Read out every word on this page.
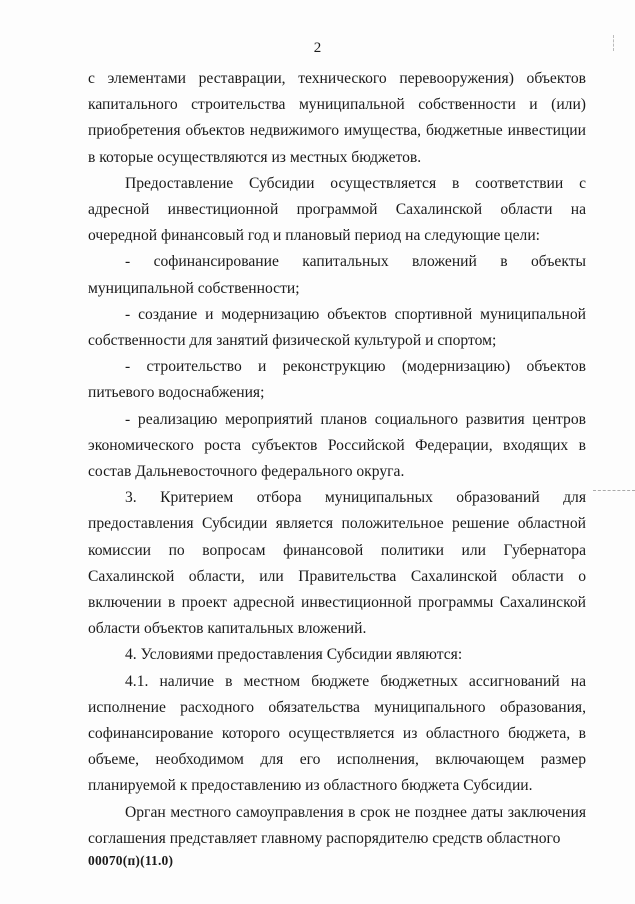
2

с элементами реставрации, технического перевооружения) объектов капитального строительства муниципальной собственности и (или) приобретения объектов недвижимого имущества, бюджетные инвестиции в которые осуществляются из местных бюджетов.

Предоставление Субсидии осуществляется в соответствии с адресной инвестиционной программой Сахалинской области на очередной финансовый год и плановый период на следующие цели:

- софинансирование капитальных вложений в объекты муниципальной собственности;

- создание и модернизацию объектов спортивной муниципальной собственности для занятий физической культурой и спортом;

- строительство и реконструкцию (модернизацию) объектов питьевого водоснабжения;

- реализацию мероприятий планов социального развития центров экономического роста субъектов Российской Федерации, входящих в состав Дальневосточного федерального округа.

3. Критерием отбора муниципальных образований для предоставления Субсидии является положительное решение областной комиссии по вопросам финансовой политики или Губернатора Сахалинской области, или Правительства Сахалинской области о включении в проект адресной инвестиционной программы Сахалинской области объектов капитальных вложений.

4. Условиями предоставления Субсидии являются:

4.1. наличие в местном бюджете бюджетных ассигнований на исполнение расходного обязательства муниципального образования, софинансирование которого осуществляется из областного бюджета, в объеме, необходимом для его исполнения, включающем размер планируемой к предоставлению из областного бюджета Субсидии.

Орган местного самоуправления в срок не позднее даты заключения соглашения представляет главному распорядителю средств областного

00070(п)(11.0)
